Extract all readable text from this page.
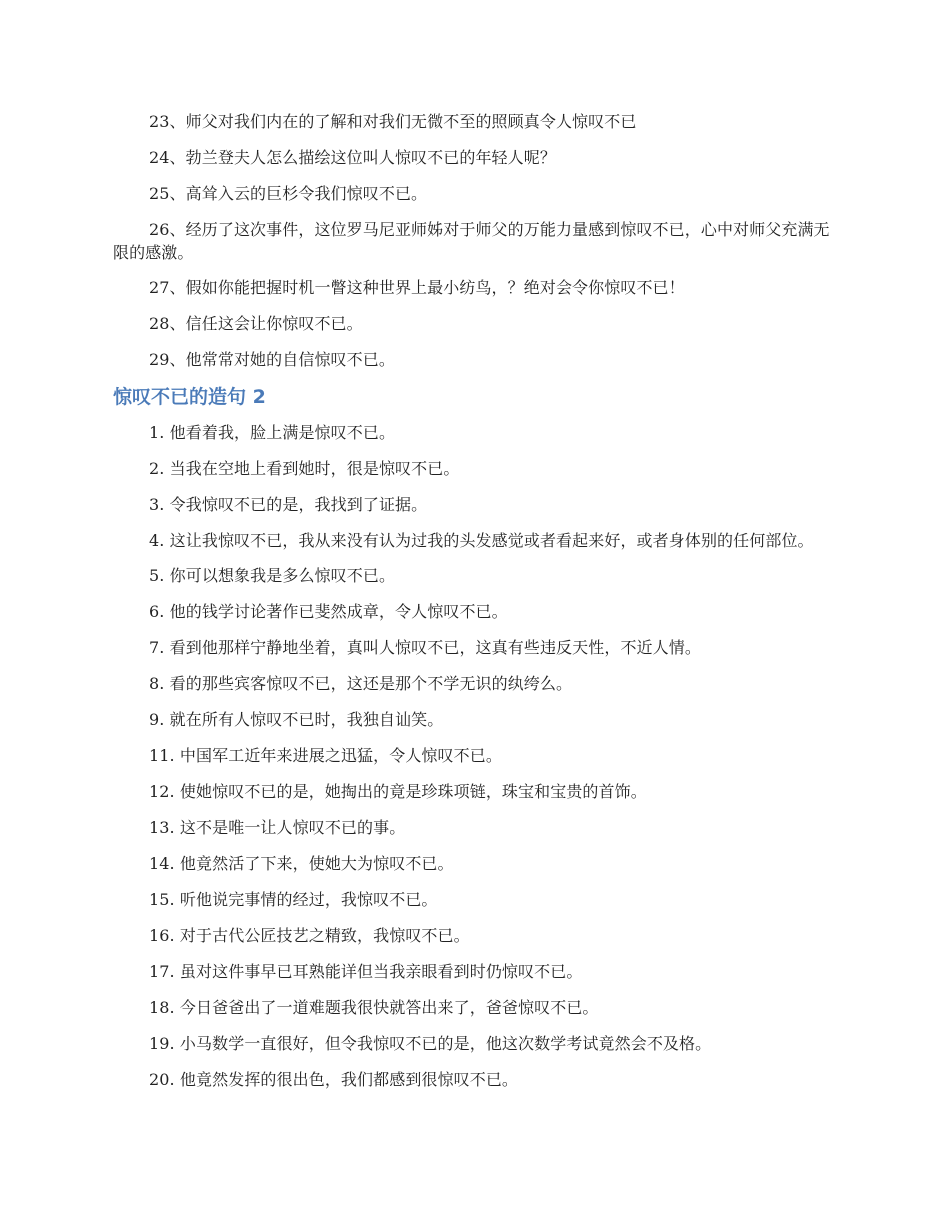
23、师父对我们内在的了解和对我们无微不至的照顾真令人惊叹不已

24、勃兰登夫人怎么描绘这位叫人惊叹不已的年轻人呢？

25、高耸入云的巨杉令我们惊叹不已。

26、经历了这次事件，这位罗马尼亚师姊对于师父的万能力量感到惊叹不已，心中对师父充满无限的感激。

27、假如你能把握时机一瞥这种世界上最小纺鸟，？绝对会令你惊叹不已！

28、信任这会让你惊叹不已。

29、他常常对她的自信惊叹不已。

惊叹不已的造句 2

1. 他看着我，脸上满是惊叹不已。

2. 当我在空地上看到她时，很是惊叹不已。

3. 令我惊叹不已的是，我找到了证据。

4. 这让我惊叹不已，我从来没有认为过我的头发感觉或者看起来好，或者身体别的任何部位。

5. 你可以想象我是多么惊叹不已。

6. 他的钱学讨论著作已斐然成章，令人惊叹不已。

7. 看到他那样宁静地坐着，真叫人惊叹不已，这真有些违反天性，不近人情。

8. 看的那些宾客惊叹不已，这还是那个不学无识的纨绔么。

9. 就在所有人惊叹不已时，我独自讪笑。

11. 中国军工近年来进展之迅猛，令人惊叹不已。

12. 使她惊叹不已的是，她掏出的竟是珍珠项链，珠宝和宝贵的首饰。

13. 这不是唯一让人惊叹不已的事。

14. 他竟然活了下来，使她大为惊叹不已。

15. 听他说完事情的经过，我惊叹不已。

16. 对于古代公匠技艺之精致，我惊叹不已。

17. 虽对这件事早已耳熟能详但当我亲眼看到时仍惊叹不已。

18. 今日爸爸出了一道难题我很快就答出来了，爸爸惊叹不已。

19. 小马数学一直很好，但令我惊叹不已的是，他这次数学考试竟然会不及格。

20. 他竟然发挥的很出色，我们都感到很惊叹不已。
